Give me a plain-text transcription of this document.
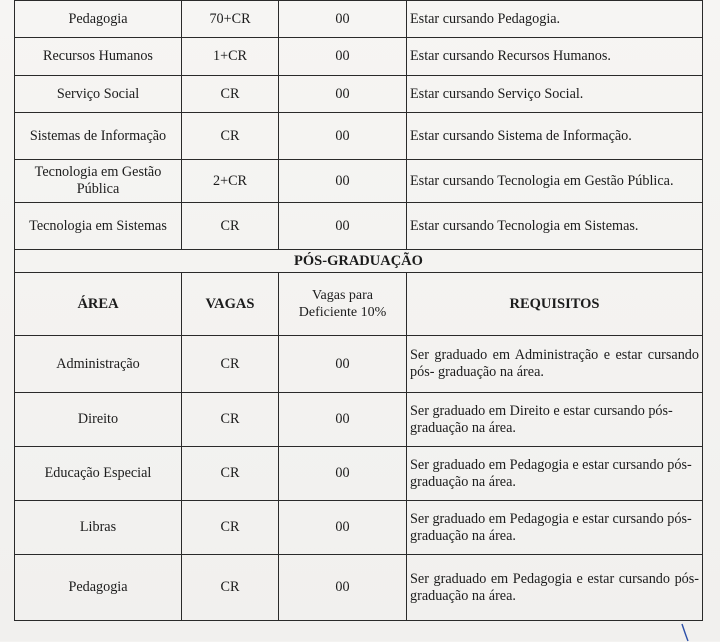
Pedagogia	70+CR	00	Estar cursando Pedagogia.
Recursos Humanos	1+CR	00	Estar cursando Recursos Humanos.
Serviço Social	CR	00	Estar cursando Serviço Social.
Sistemas de Informação	CR	00	Estar cursando Sistema de Informação.
Tecnologia em Gestão Pública	2+CR	00	Estar cursando Tecnologia em Gestão Pública.
Tecnologia em Sistemas	CR	00	Estar cursando Tecnologia em Sistemas.
PÓS-GRADUAÇÃO			
ÁREA	VAGAS	Vagas para Deficiente 10%	REQUISITOS
Administração	CR	00	Ser graduado em Administração e estar cursando pós- graduação na área.
Direito	CR	00	Ser graduado em Direito e estar cursando pós-graduação na área.
Educação Especial	CR	00	Ser graduado em Pedagogia e estar cursando pós- graduação na área.
Libras	CR	00	Ser graduado em Pedagogia e estar cursando pós- graduação na área.
Pedagogia	CR	00	Ser graduado em Pedagogia e estar cursando pós- graduação na área.
